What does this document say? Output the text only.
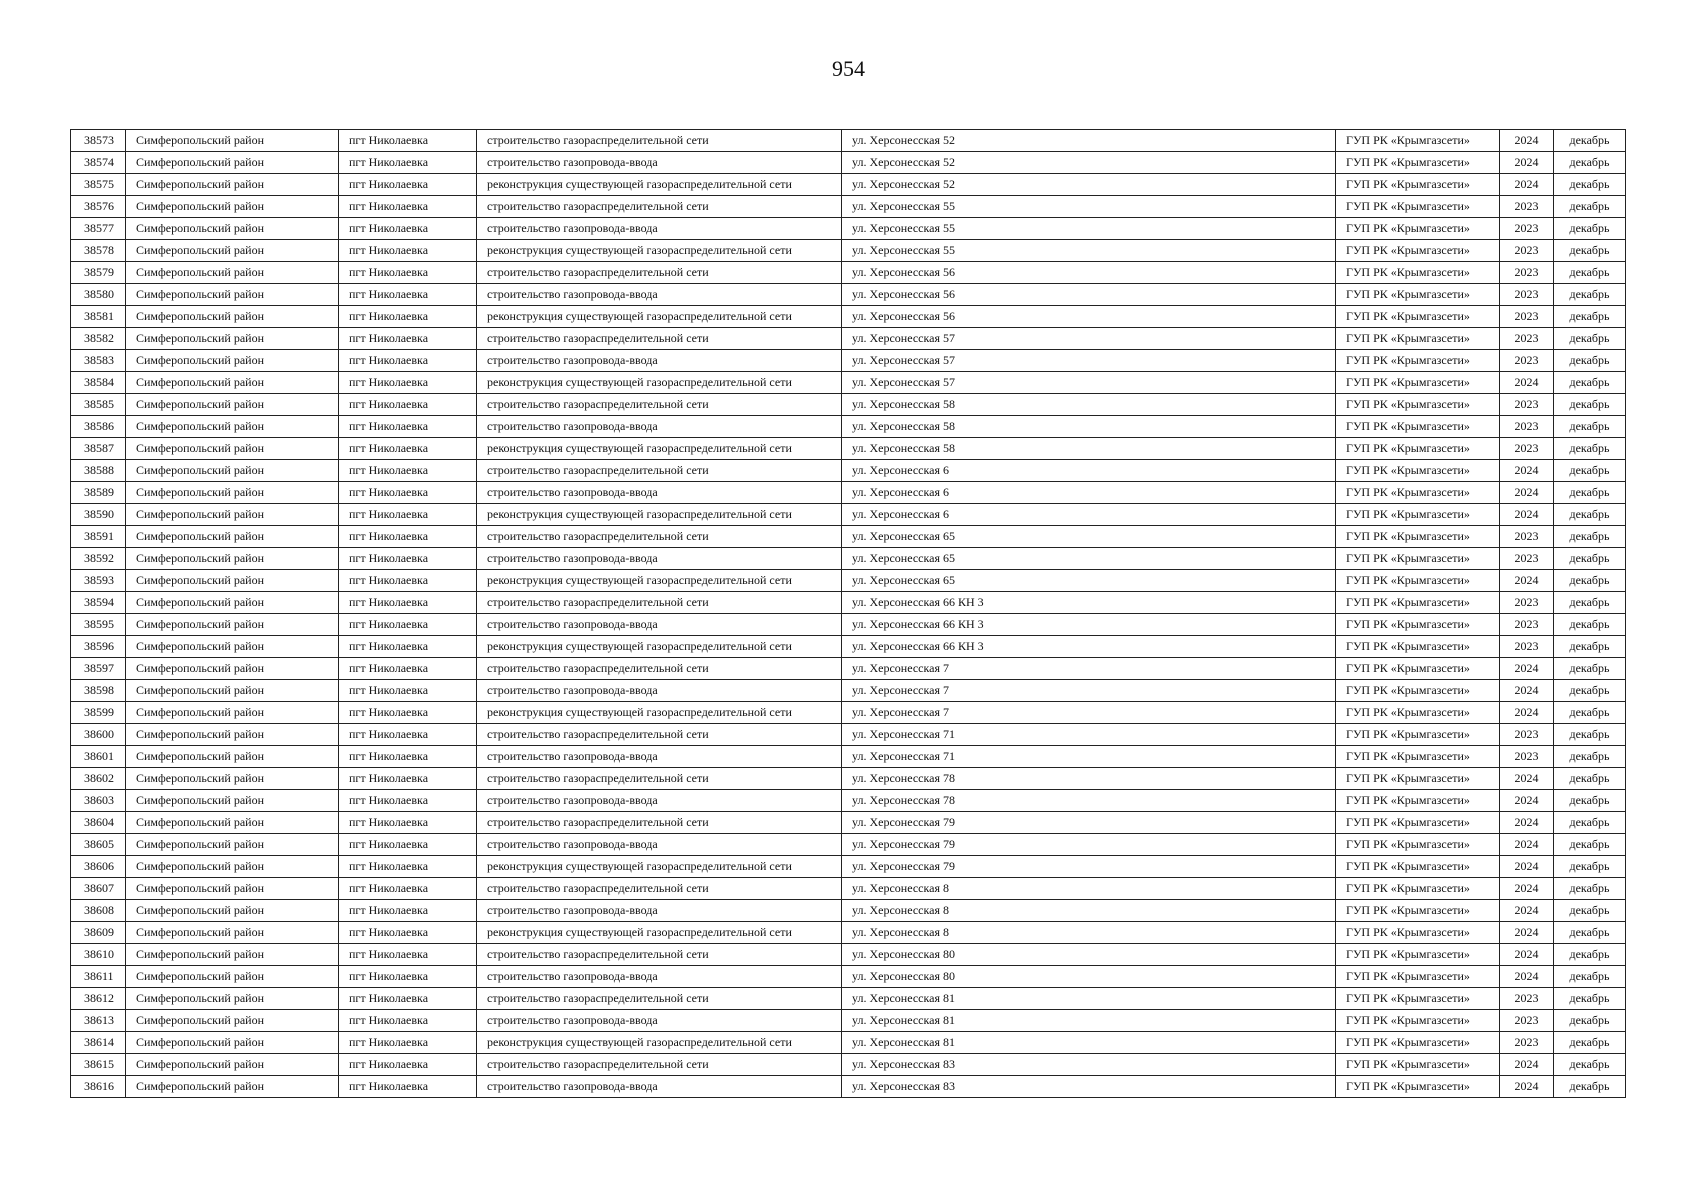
954
38573	Симферопольский район	пгт Николаевка	строительство газораспределительной сети	ул. Херсонесская 52	ГУП РК «Крымгазсети»	2024	декабрь
38574	Симферопольский район	пгт Николаевка	строительство газопровода-ввода	ул. Херсонесская 52	ГУП РК «Крымгазсети»	2024	декабрь
38575	Симферопольский район	пгт Николаевка	реконструкция существующей газораспределительной сети	ул. Херсонесская 52	ГУП РК «Крымгазсети»	2024	декабрь
38576	Симферопольский район	пгт Николаевка	строительство газораспределительной сети	ул. Херсонесская 55	ГУП РК «Крымгазсети»	2023	декабрь
38577	Симферопольский район	пгт Николаевка	строительство газопровода-ввода	ул. Херсонесская 55	ГУП РК «Крымгазсети»	2023	декабрь
38578	Симферопольский район	пгт Николаевка	реконструкция существующей газораспределительной сети	ул. Херсонесская 55	ГУП РК «Крымгазсети»	2023	декабрь
38579	Симферопольский район	пгт Николаевка	строительство газораспределительной сети	ул. Херсонесская 56	ГУП РК «Крымгазсети»	2023	декабрь
38580	Симферопольский район	пгт Николаевка	строительство газопровода-ввода	ул. Херсонесская 56	ГУП РК «Крымгазсети»	2023	декабрь
38581	Симферопольский район	пгт Николаевка	реконструкция существующей газораспределительной сети	ул. Херсонесская 56	ГУП РК «Крымгазсети»	2023	декабрь
38582	Симферопольский район	пгт Николаевка	строительство газораспределительной сети	ул. Херсонесская 57	ГУП РК «Крымгазсети»	2023	декабрь
38583	Симферопольский район	пгт Николаевка	строительство газопровода-ввода	ул. Херсонесская 57	ГУП РК «Крымгазсети»	2023	декабрь
38584	Симферопольский район	пгт Николаевка	реконструкция существующей газораспределительной сети	ул. Херсонесская 57	ГУП РК «Крымгазсети»	2024	декабрь
38585	Симферопольский район	пгт Николаевка	строительство газораспределительной сети	ул. Херсонесская 58	ГУП РК «Крымгазсети»	2023	декабрь
38586	Симферопольский район	пгт Николаевка	строительство газопровода-ввода	ул. Херсонесская 58	ГУП РК «Крымгазсети»	2023	декабрь
38587	Симферопольский район	пгт Николаевка	реконструкция существующей газораспределительной сети	ул. Херсонесская 58	ГУП РК «Крымгазсети»	2023	декабрь
38588	Симферопольский район	пгт Николаевка	строительство газораспределительной сети	ул. Херсонесская 6	ГУП РК «Крымгазсети»	2024	декабрь
38589	Симферопольский район	пгт Николаевка	строительство газопровода-ввода	ул. Херсонесская 6	ГУП РК «Крымгазсети»	2024	декабрь
38590	Симферопольский район	пгт Николаевка	реконструкция существующей газораспределительной сети	ул. Херсонесская 6	ГУП РК «Крымгазсети»	2024	декабрь
38591	Симферопольский район	пгт Николаевка	строительство газораспределительной сети	ул. Херсонесская 65	ГУП РК «Крымгазсети»	2023	декабрь
38592	Симферопольский район	пгт Николаевка	строительство газопровода-ввода	ул. Херсонесская 65	ГУП РК «Крымгазсети»	2023	декабрь
38593	Симферопольский район	пгт Николаевка	реконструкция существующей газораспределительной сети	ул. Херсонесская 65	ГУП РК «Крымгазсети»	2024	декабрь
38594	Симферопольский район	пгт Николаевка	строительство газораспределительной сети	ул. Херсонесская 66 КН 3	ГУП РК «Крымгазсети»	2023	декабрь
38595	Симферопольский район	пгт Николаевка	строительство газопровода-ввода	ул. Херсонесская 66 КН 3	ГУП РК «Крымгазсети»	2023	декабрь
38596	Симферопольский район	пгт Николаевка	реконструкция существующей газораспределительной сети	ул. Херсонесская 66 КН 3	ГУП РК «Крымгазсети»	2023	декабрь
38597	Симферопольский район	пгт Николаевка	строительство газораспределительной сети	ул. Херсонесская 7	ГУП РК «Крымгазсети»	2024	декабрь
38598	Симферопольский район	пгт Николаевка	строительство газопровода-ввода	ул. Херсонесская 7	ГУП РК «Крымгазсети»	2024	декабрь
38599	Симферопольский район	пгт Николаевка	реконструкция существующей газораспределительной сети	ул. Херсонесская 7	ГУП РК «Крымгазсети»	2024	декабрь
38600	Симферопольский район	пгт Николаевка	строительство газораспределительной сети	ул. Херсонесская 71	ГУП РК «Крымгазсети»	2023	декабрь
38601	Симферопольский район	пгт Николаевка	строительство газопровода-ввода	ул. Херсонесская 71	ГУП РК «Крымгазсети»	2023	декабрь
38602	Симферопольский район	пгт Николаевка	строительство газораспределительной сети	ул. Херсонесская 78	ГУП РК «Крымгазсети»	2024	декабрь
38603	Симферопольский район	пгт Николаевка	строительство газопровода-ввода	ул. Херсонесская 78	ГУП РК «Крымгазсети»	2024	декабрь
38604	Симферопольский район	пгт Николаевка	строительство газораспределительной сети	ул. Херсонесская 79	ГУП РК «Крымгазсети»	2024	декабрь
38605	Симферопольский район	пгт Николаевка	строительство газопровода-ввода	ул. Херсонесская 79	ГУП РК «Крымгазсети»	2024	декабрь
38606	Симферопольский район	пгт Николаевка	реконструкция существующей газораспределительной сети	ул. Херсонесская 79	ГУП РК «Крымгазсети»	2024	декабрь
38607	Симферопольский район	пгт Николаевка	строительство газораспределительной сети	ул. Херсонесская 8	ГУП РК «Крымгазсети»	2024	декабрь
38608	Симферопольский район	пгт Николаевка	строительство газопровода-ввода	ул. Херсонесская 8	ГУП РК «Крымгазсети»	2024	декабрь
38609	Симферопольский район	пгт Николаевка	реконструкция существующей газораспределительной сети	ул. Херсонесская 8	ГУП РК «Крымгазсети»	2024	декабрь
38610	Симферопольский район	пгт Николаевка	строительство газораспределительной сети	ул. Херсонесская 80	ГУП РК «Крымгазсети»	2024	декабрь
38611	Симферопольский район	пгт Николаевка	строительство газопровода-ввода	ул. Херсонесская 80	ГУП РК «Крымгазсети»	2024	декабрь
38612	Симферопольский район	пгт Николаевка	строительство газораспределительной сети	ул. Херсонесская 81	ГУП РК «Крымгазсети»	2023	декабрь
38613	Симферопольский район	пгт Николаевка	строительство газопровода-ввода	ул. Херсонесская 81	ГУП РК «Крымгазсети»	2023	декабрь
38614	Симферопольский район	пгт Николаевка	реконструкция существующей газораспределительной сети	ул. Херсонесская 81	ГУП РК «Крымгазсети»	2023	декабрь
38615	Симферопольский район	пгт Николаевка	строительство газораспределительной сети	ул. Херсонесская 83	ГУП РК «Крымгазсети»	2024	декабрь
38616	Симферопольский район	пгт Николаевка	строительство газопровода-ввода	ул. Херсонесская 83	ГУП РК «Крымгазсети»	2024	декабрь
